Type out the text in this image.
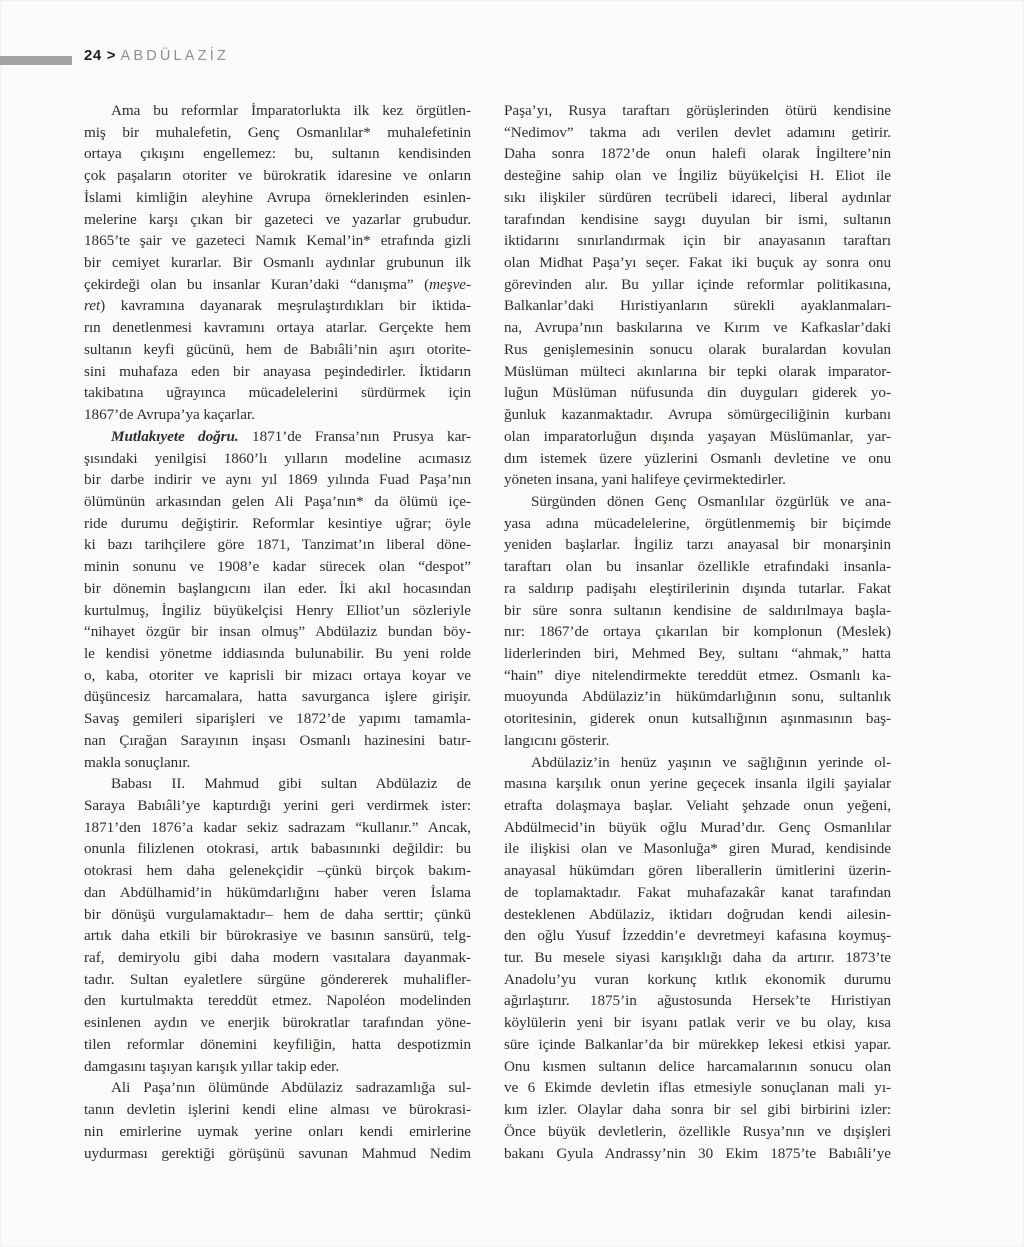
24 > ABDÜLAZİZ
Ama bu reformlar İmparatorlukta ilk kez örgütlen-
miş bir muhalefetin, Genç Osmanlılar* muhalefetinin
ortaya çıkışını engellemez: bu, sultanın kendisinden
çok paşaların otoriter ve bürokratik idaresine ve onların
İslami kimliğin aleyhine Avrupa örneklerinden esinlen-
melerine karşı çıkan bir gazeteci ve yazarlar grubudur.
1865’te şair ve gazeteci Namık Kemal’in* etrafında gizli
bir cemiyet kurarlar. Bir Osmanlı aydınlar grubunun ilk
çekirdeği olan bu insanlar Kuran’daki “danışma” (meşve-
ret) kavramına dayanarak meşrulaştırdıkları bir iktida-
rın denetlenmesi kavramını ortaya atarlar. Gerçekte hem
sultanın keyfi gücünü, hem de Babıâli’nin aşırı otorite-
sini muhafaza eden bir anayasa peşindedirler. İktidarın
takibatına uğrayınca mücadelelerini sürdürmek için
1867’de Avrupa’ya kaçarlar.
Mutlakıyete doğru. 1871’de Fransa’nın Prusya kar-
şısındaki yenilgisi 1860’lı yılların modeline acımasız
bir darbe indirir ve aynı yıl 1869 yılında Fuad Paşa’nın
ölümünün arkasından gelen Ali Paşa’nın* da ölümü içe-
ride durumu değiştirir. Reformlar kesintiye uğrar; öyle
ki bazı tarihçilere göre 1871, Tanzimat’ın liberal döne-
minin sonunu ve 1908’e kadar sürecek olan “despot”
bir dönemin başlangıcını ilan eder. İki akıl hocasından
kurtulmuş, İngiliz büyükelçisi Henry Elliot’un sözleriyle
“nihayet özgür bir insan olmuş” Abdülaziz bundan böy-
le kendisi yönetme iddiasında bulunabilir. Bu yeni rolde
o, kaba, otoriter ve kaprisli bir mizacı ortaya koyar ve
düşüncesiz harcamalara, hatta savurganca işlere girişir.
Savaş gemileri siparişleri ve 1872’de yapımı tamamla-
nan Çırağan Sarayının inşası Osmanlı hazinesini batır-
makla sonuçlanır.
Babası II. Mahmud gibi sultan Abdülaziz de
Saraya Babıâli’ye kaptırdığı yerini geri verdirmek ister:
1871’den 1876’a kadar sekiz sadrazam “kullanır.” Ancak,
onunla filizlenen otokrasi, artık babasınınki değildir: bu
otokrasi hem daha gelenekçidir –çünkü birçok bakım-
dan Abdülhamid’in hükümdarlığını haber veren İslama
bir dönüşü vurgulamaktadır– hem de daha serttir; çünkü
artık daha etkili bir bürokrasiye ve basının sansürü, telg-
raf, demiryolu gibi daha modern vasıtalara dayanmak-
tadır. Sultan eyaletlere sürgüne göndererek muhalifler-
den kurtulmakta tereddüt etmez. Napoléon modelinden
esinlenen aydın ve enerjik bürokratlar tarafından yöne-
tilen reformlar dönemini keyfiliğin, hatta despotizmin
damgasını taşıyan karışık yıllar takip eder.
Ali Paşa’nın ölümünde Abdülaziz sadrazamlığa sul-
tanın devletin işlerini kendi eline alması ve bürokrasi-
nin emirlerine uymak yerine onları kendi emirlerine
uydurması gerektiği görüşünü savunan Mahmud Nedim
Paşa’yı, Rusya taraftarı görüşlerinden ötürü kendisine
“Nedimov” takma adı verilen devlet adamını getirir.
Daha sonra 1872’de onun halefi olarak İngiltere’nin
desteğine sahip olan ve İngiliz büyükelçisi H. Eliot ile
sıkı ilişkiler sürdüren tecrübeli idareci, liberal aydınlar
tarafından kendisine saygı duyulan bir ismi, sultanın
iktidarını sınırlandırmak için bir anayasanın taraftarı
olan Midhat Paşa’yı seçer. Fakat iki buçuk ay sonra onu
görevinden alır. Bu yıllar içinde reformlar politikasına,
Balkanlar’daki Hıristiyanların sürekli ayaklanmaları-
na, Avrupa’nın baskılarına ve Kırım ve Kafkaslar’daki
Rus genişlemesinin sonucu olarak buralardan kovulan
Müslüman mülteci akınlarına bir tepki olarak imparator-
luğun Müslüman nüfusunda din duyguları giderek yo-
ğunluk kazanmaktadır. Avrupa sömürgeciliğinin kurbanı
olan imparatorluğun dışında yaşayan Müslümanlar, yar-
dım istemek üzere yüzlerini Osmanlı devletine ve onu
yöneten insana, yani halifeye çevirmektedirler.
Sürgünden dönen Genç Osmanlılar özgürlük ve ana-
yasa adına mücadelelerine, örgütlenmemiş bir biçimde
yeniden başlarlar. İngiliz tarzı anayasal bir monarşinin
taraftarı olan bu insanlar özellikle etrafındaki insanla-
ra saldırıp padişahı eleştirilerinin dışında tutarlar. Fakat
bir süre sonra sultanın kendisine de saldırılmaya başla-
nır: 1867’de ortaya çıkarılan bir komplonun (Meslek)
liderlerinden biri, Mehmed Bey, sultanı “ahmak,” hatta
“hain” diye nitelendirmekte tereddüt etmez. Osmanlı ka-
muoyunda Abdülaziz’in hükümdarlığının sonu, sultanlık
otoritesinin, giderek onun kutsallığının aşınmasının baş-
langıcını gösterir.
Abdülaziz’in henüz yaşının ve sağlığının yerinde ol-
masına karşılık onun yerine geçecek insanla ilgili şayialar
etrafta dolaşmaya başlar. Veliaht şehzade onun yeğeni,
Abdülmecid’in büyük oğlu Murad’dır. Genç Osmanlılar
ile ilişkisi olan ve Masonluğa* giren Murad, kendisinde
anayasal hükümdarı gören liberallerin ümitlerini üzerin-
de toplamaktadır. Fakat muhafazakâr kanat tarafından
desteklenen Abdülaziz, iktidarı doğrudan kendi ailesin-
den oğlu Yusuf İzzeddin’e devretmeyi kafasına koymuş-
tur. Bu mesele siyasi karışıklığı daha da artırır. 1873’te
Anadolu’yu vuran korkunç kıtlık ekonomik durumu
ağırlaştırır. 1875’in ağustosunda Hersek’te Hıristiyan
köylülerin yeni bir isyanı patlak verir ve bu olay, kısa
süre içinde Balkanlar’da bir mürekkep lekesi etkisi yapar.
Onu kısmen sultanın delice harcamalarının sonucu olan
ve 6 Ekimde devletin iflas etmesiyle sonuçlanan mali yı-
kım izler. Olaylar daha sonra bir sel gibi birbirini izler:
Önce büyük devletlerin, özellikle Rusya’nın ve dışişleri
bakanı Gyula Andrassy’nin 30 Ekim 1875’te Babıâli’ye
